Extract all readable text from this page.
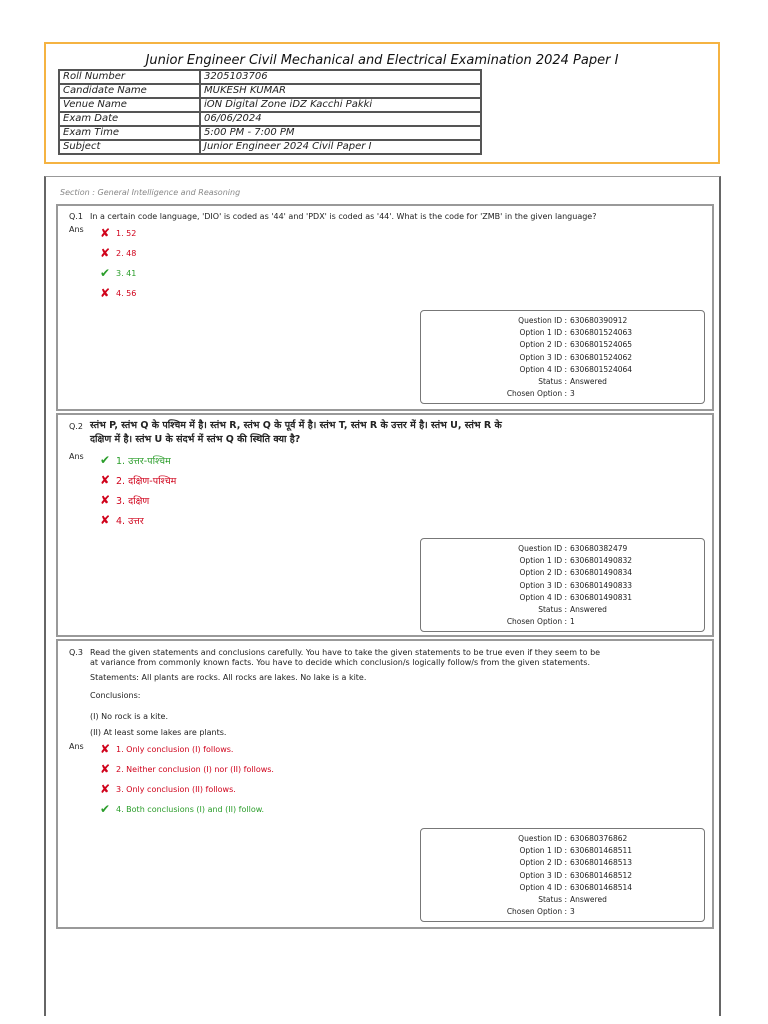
Junior Engineer Civil Mechanical and Electrical Examination 2024 Paper I
Roll Number	3205103706
Candidate Name	MUKESH KUMAR
Venue Name	iON Digital Zone iDZ Kacchi Pakki
Exam Date	06/06/2024
Exam Time	5:00 PM - 7:00 PM
Subject	Junior Engineer 2024 Civil Paper I
Section : General Intelligence and Reasoning
Q.1 In a certain code language, 'DIO' is coded as '44' and 'PDX' is coded as '44'. What is the code for 'ZMB' in the given language?
Ans ✘ 1. 52
✘ 2. 48
✔ 3. 41
✘ 4. 56
Question ID : 630680390912
Option 1 ID : 6306801524063
Option 2 ID : 6306801524065
Option 3 ID : 6306801524062
Option 4 ID : 6306801524064
Status : Answered
Chosen Option : 3
Q.2 स्तंभ P, स्तंभ Q के पश्चिम में है। स्तंभ R, स्तंभ Q के पूर्व में है। स्तंभ T, स्तंभ R के उत्तर में है। स्तंभ U, स्तंभ R के
दक्षिण में है। स्तंभ U के संदर्भ में स्तंभ Q की स्थिति क्या है?
Ans ✔ 1. उत्तर-पश्चिम
✘ 2. दक्षिण-पश्चिम
✘ 3. दक्षिण
✘ 4. उत्तर
Question ID : 630680382479
Option 1 ID : 6306801490832
Option 2 ID : 6306801490834
Option 3 ID : 6306801490833
Option 4 ID : 6306801490831
Status : Answered
Chosen Option : 1
Q.3 Read the given statements and conclusions carefully. You have to take the given statements to be true even if they seem to be
at variance from commonly known facts. You have to decide which conclusion/s logically follow/s from the given statements.
Statements: All plants are rocks. All rocks are lakes. No lake is a kite.
Conclusions:
(I) No rock is a kite.
(II) At least some lakes are plants.
Ans ✘ 1. Only conclusion (I) follows.
✘ 2. Neither conclusion (I) nor (II) follows.
✘ 3. Only conclusion (II) follows.
✔ 4. Both conclusions (I) and (II) follow.
Question ID : 630680376862
Option 1 ID : 6306801468511
Option 2 ID : 6306801468513
Option 3 ID : 6306801468512
Option 4 ID : 6306801468514
Status : Answered
Chosen Option : 3
